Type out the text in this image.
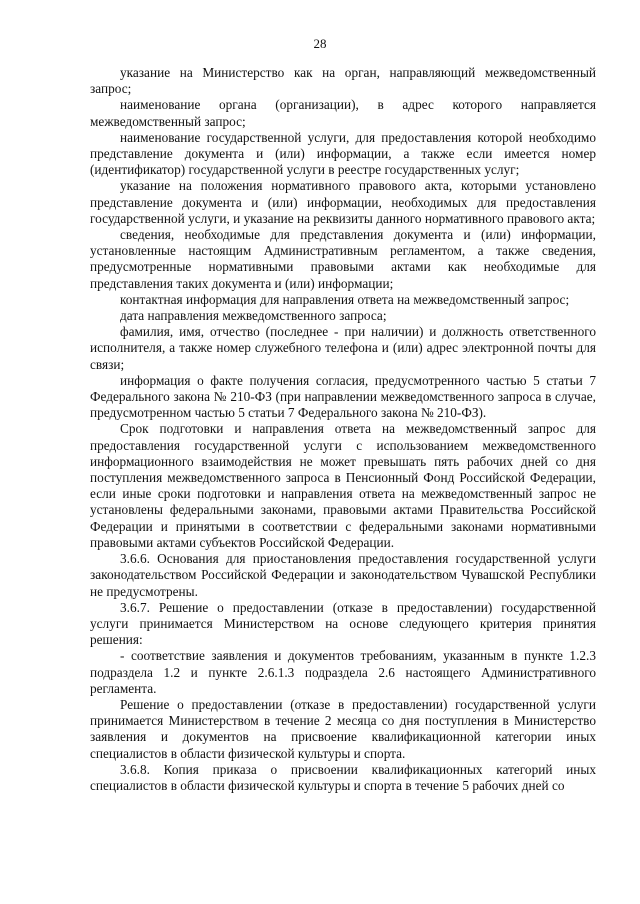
28

указание на Министерство как на орган, направляющий межведомственный запрос;

наименование органа (организации), в адрес которого направляется межведомственный запрос;

наименование государственной услуги, для предоставления которой необходимо представление документа и (или) информации, а также если имеется номер (идентификатор) государственной услуги в реестре государственных услуг;

указание на положения нормативного правового акта, которыми установлено представление документа и (или) информации, необходимых для предоставления государственной услуги, и указание на реквизиты данного нормативного правового акта;

сведения, необходимые для представления документа и (или) информации, установленные настоящим Административным регламентом, а также сведения, предусмотренные нормативными правовыми актами как необходимые для представления таких документа и (или) информации;

контактная информация для направления ответа на межведомственный запрос;

дата направления межведомственного запроса;

фамилия, имя, отчество (последнее - при наличии) и должность ответственного исполнителя, а также номер служебного телефона и (или) адрес электронной почты для связи;

информация о факте получения согласия, предусмотренного частью 5 статьи 7 Федерального закона № 210-ФЗ (при направлении межведомственного запроса в случае, предусмотренном частью 5 статьи 7 Федерального закона № 210-ФЗ).

Срок подготовки и направления ответа на межведомственный запрос для предоставления государственной услуги с использованием межведомственного информационного взаимодействия не может превышать пять рабочих дней со дня поступления межведомственного запроса в Пенсионный Фонд Российской Федерации, если иные сроки подготовки и направления ответа на межведомственный запрос не установлены федеральными законами, правовыми актами Правительства Российской Федерации и принятыми в соответствии с федеральными законами нормативными правовыми актами субъектов Российской Федерации.

3.6.6. Основания для приостановления предоставления государственной услуги законодательством Российской Федерации и законодательством Чувашской Республики не предусмотрены.

3.6.7. Решение о предоставлении (отказе в предоставлении) государственной услуги принимается Министерством на основе следующего критерия принятия решения:

- соответствие заявления и документов требованиям, указанным в пункте 1.2.3 подраздела 1.2 и пункте 2.6.1.3 подраздела 2.6 настоящего Административного регламента.

Решение о предоставлении (отказе в предоставлении) государственной услуги принимается Министерством в течение 2 месяца со дня поступления в Министерство заявления и документов на присвоение квалификационной категории иных специалистов в области физической культуры и спорта.

3.6.8. Копия приказа о присвоении квалификационных категорий иных специалистов в области физической культуры и спорта в течение 5 рабочих дней со
